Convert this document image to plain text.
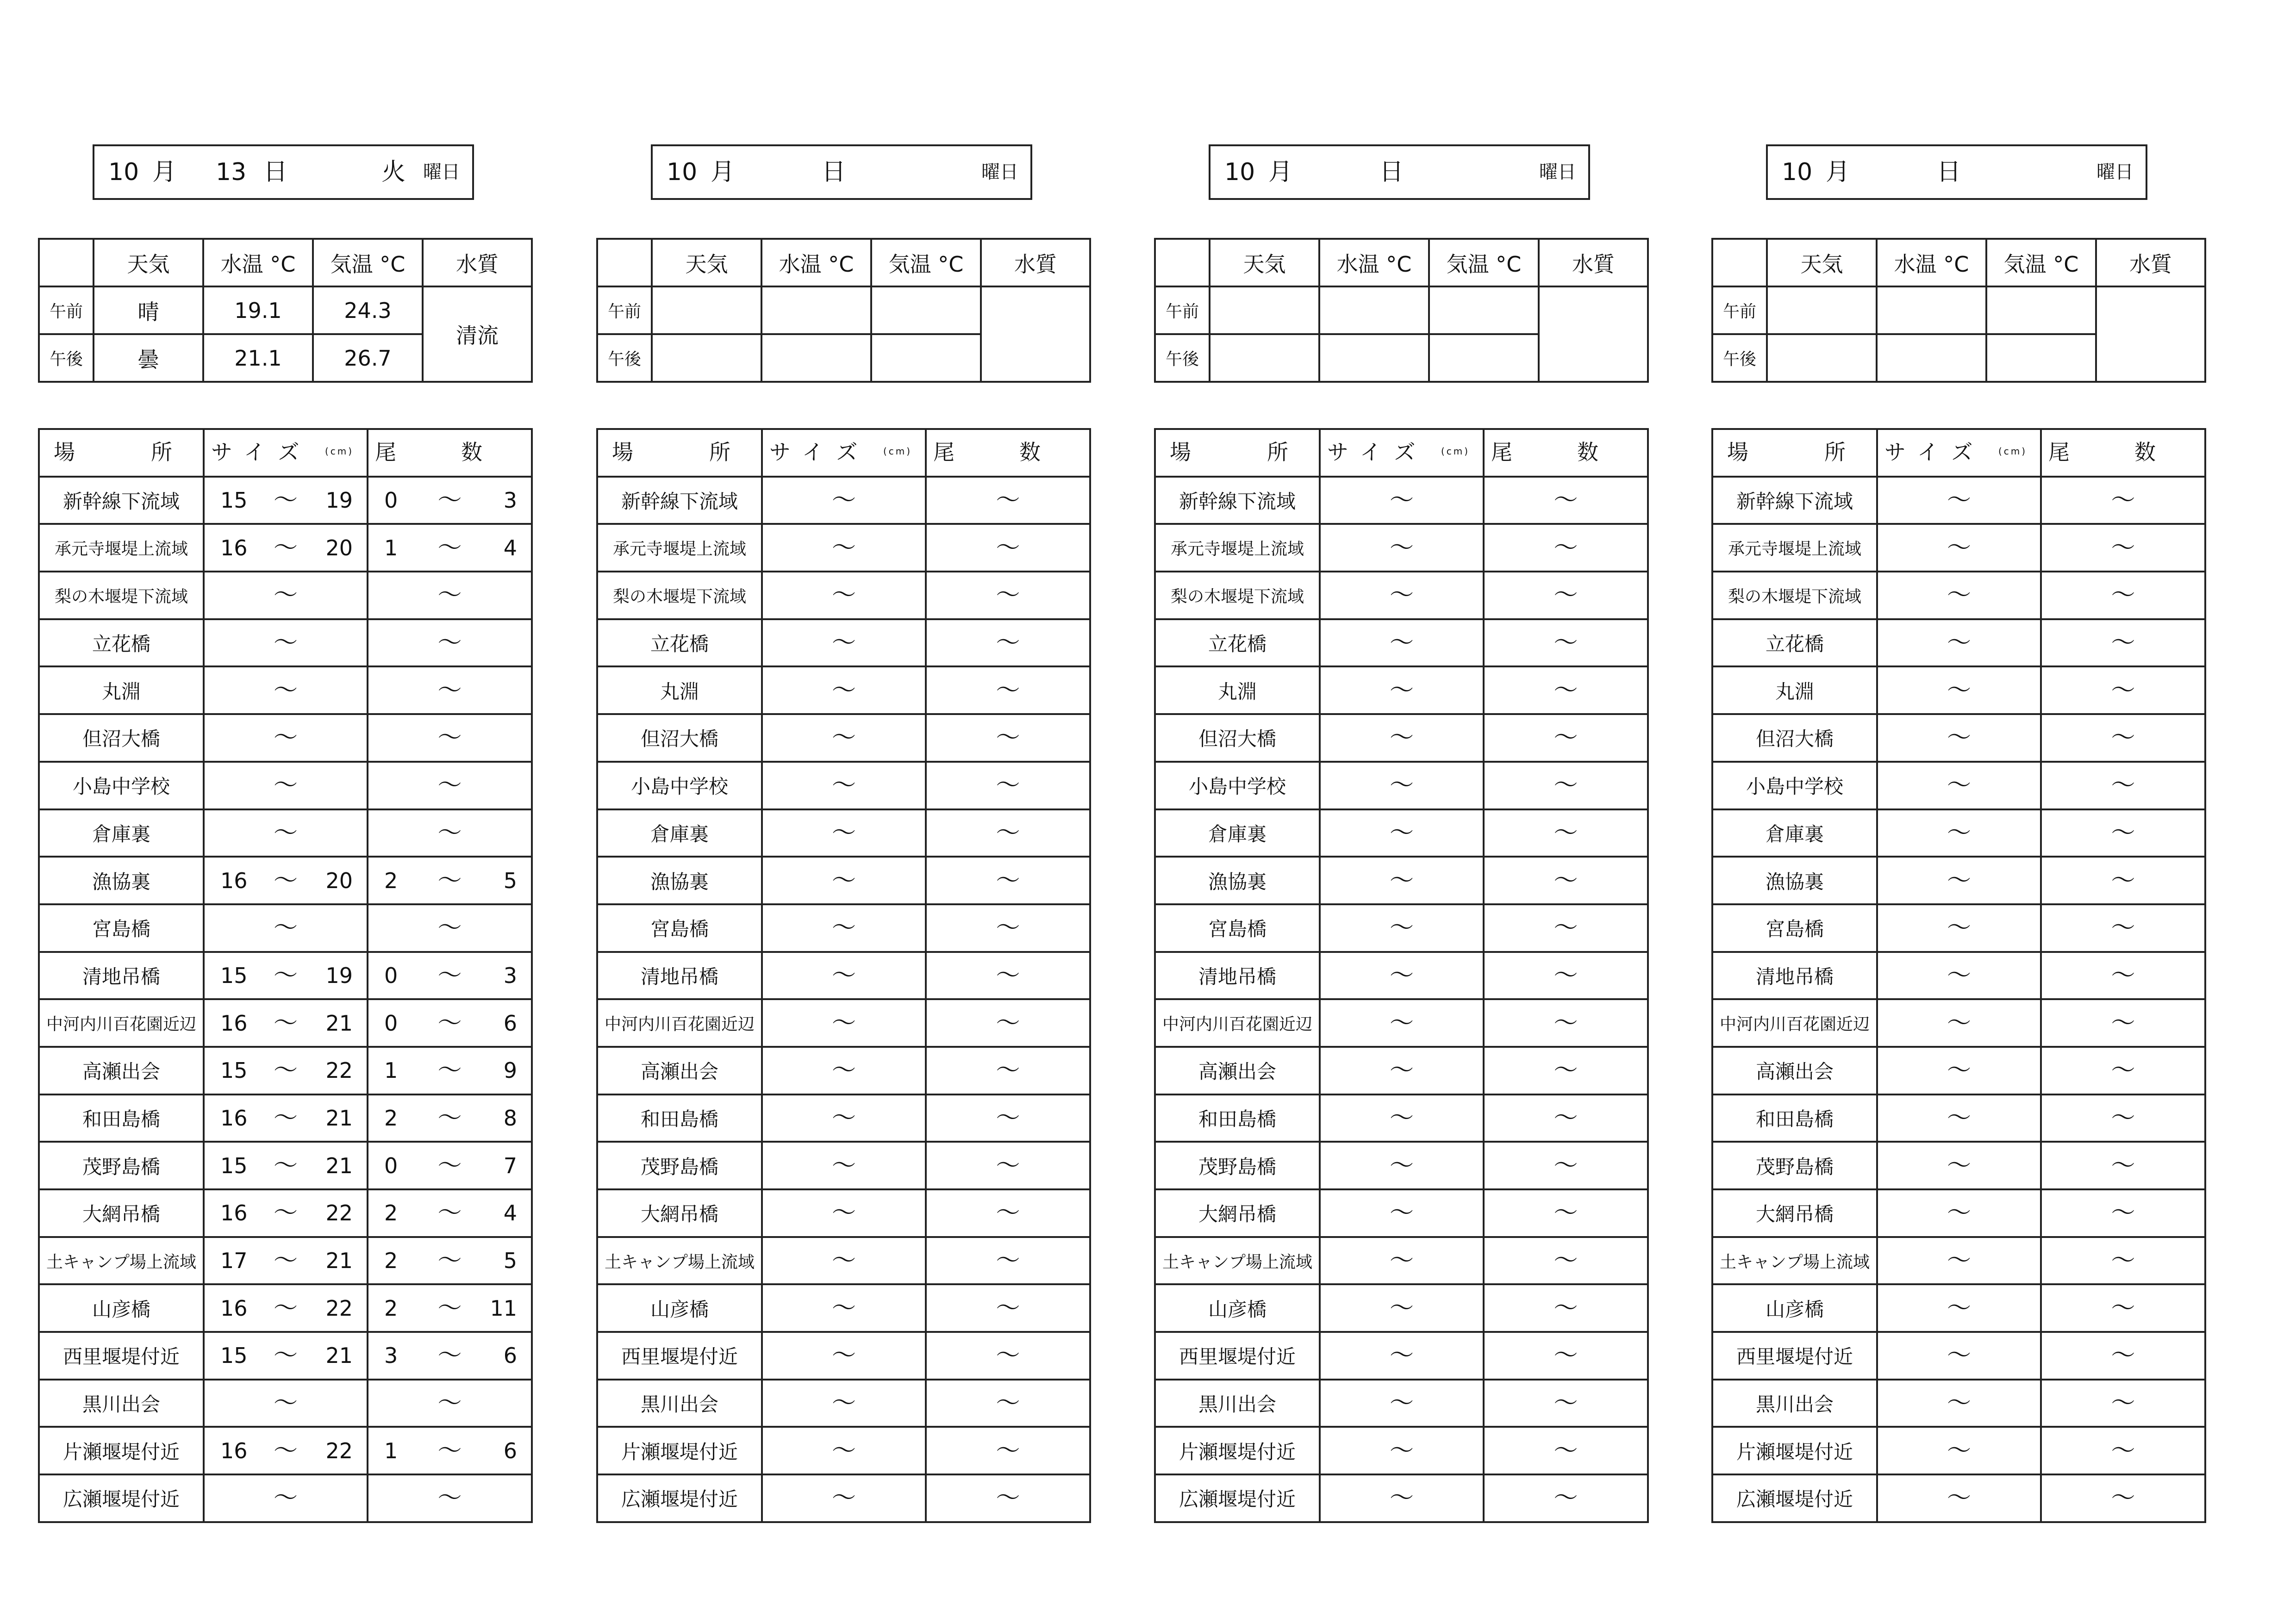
10 月 13 日	火 曜日
	天気	水温 °C	気温 °C	水質
午前	晴	19.1	24.3	清流
午後	曇	21.1	26.7	
場 所	サイズ (cm)	尾 数

新幹線下流域	15 ～ 19	0 ～ 3

承元寺堰堤上流域	16 ～ 20	1 ～ 4

梨の木堰堤下流域	～	～

立花橋	～	～

丸淵	～	～

但沼大橋	～	～

小島中学校	～	～

倉庫裏	～	～

漁協裏	16 ～ 20	2 ～ 5

宮島橋	～	～

清地吊橋	15 ～ 19	0 ～ 3

中河内川百花園近辺	16 ～ 21	0 ～ 6

高瀬出会	15 ～ 22	1 ～ 9

和田島橋	16 ～ 21	2 ～ 8

茂野島橋	15 ～ 21	0 ～ 7

大網吊橋	16 ～ 22	2 ～ 4

土キャンプ場上流域	17 ～ 21	2 ～ 5

山彦橋	16 ～ 22	2 ～ 11

西里堰堤付近	15 ～ 21	3 ～ 6

黒川出会	～	～

片瀬堰堤付近	16 ～ 22	1 ～ 6

広瀬堰堤付近	～	～
10 月	日	曜日
	天気	水温 °C	気温 °C	水質
午前				
午後				
場 所	サイズ (cm)	尾 数

新幹線下流域	～	～

承元寺堰堤上流域	～	～

梨の木堰堤下流域	～	～

立花橋	～	～

丸淵	～	～

但沼大橋	～	～

小島中学校	～	～

倉庫裏	～	～

漁協裏	～	～

宮島橋	～	～

清地吊橋	～	～

中河内川百花園近辺	～	～

高瀬出会	～	～

和田島橋	～	～

茂野島橋	～	～

大網吊橋	～	～

土キャンプ場上流域	～	～

山彦橋	～	～

西里堰堤付近	～	～

黒川出会	～	～

片瀬堰堤付近	～	～

広瀬堰堤付近	～	～
10 月	日	曜日
	天気	水温 °C	気温 °C	水質
午前				
午後				
場 所	サイズ (cm)	尾 数

新幹線下流域	～	～

承元寺堰堤上流域	～	～

梨の木堰堤下流域	～	～

立花橋	～	～

丸淵	～	～

但沼大橋	～	～

小島中学校	～	～

倉庫裏	～	～

漁協裏	～	～

宮島橋	～	～

清地吊橋	～	～

中河内川百花園近辺	～	～

高瀬出会	～	～

和田島橋	～	～

茂野島橋	～	～

大網吊橋	～	～

土キャンプ場上流域	～	～

山彦橋	～	～

西里堰堤付近	～	～

黒川出会	～	～

片瀬堰堤付近	～	～

広瀬堰堤付近	～	～
10 月	日	曜日
	天気	水温 °C	気温 °C	水質
午前				
午後				
場 所	サイズ (cm)	尾 数

新幹線下流域	～	～

承元寺堰堤上流域	～	～

梨の木堰堤下流域	～	～

立花橋	～	～

丸淵	～	～

但沼大橋	～	～

小島中学校	～	～

倉庫裏	～	～

漁協裏	～	～

宮島橋	～	～

清地吊橋	～	～

中河内川百花園近辺	～	～

高瀬出会	～	～

和田島橋	～	～

茂野島橋	～	～

大網吊橋	～	～

土キャンプ場上流域	～	～

山彦橋	～	～

西里堰堤付近	～	～

黒川出会	～	～

片瀬堰堤付近	～	～

広瀬堰堤付近	～	～
